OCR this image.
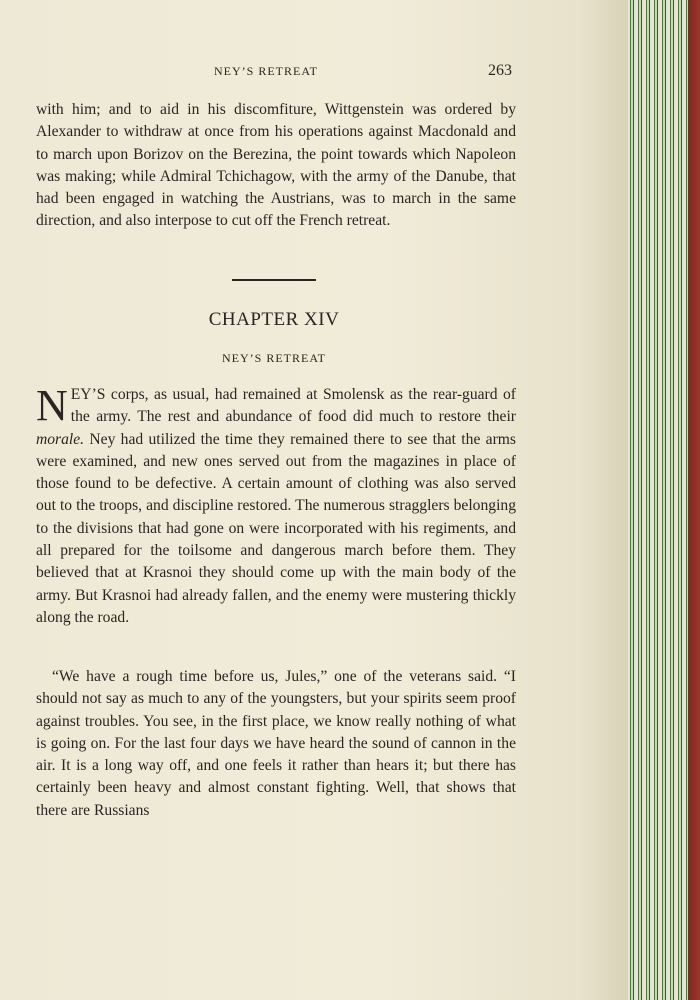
NEY’S RETREAT	263

with him; and to aid in his discomfiture, Wittgenstein was ordered by Alexander to withdraw at once from his operations against Macdonald and to march upon Borizov on the Berezina, the point towards which Napoleon was making; while Admiral Tchichagow, with the army of the Danube, that had been engaged in watching the Austrians, was to march in the same direction, and also interpose to cut off the French retreat.

CHAPTER XIV
NEY’S RETREAT

NEY’S corps, as usual, had remained at Smolensk as the rear-guard of the army. The rest and abundance of food did much to restore their morale. Ney had utilized the time they remained there to see that the arms were examined, and new ones served out from the magazines in place of those found to be defective. A certain amount of clothing was also served out to the troops, and discipline restored. The numerous stragglers belonging to the divisions that had gone on were incorporated with his regiments, and all prepared for the toilsome and dangerous march before them. They believed that at Krasnoi they should come up with the main body of the army. But Krasnoi had already fallen, and the enemy were mustering thickly along the road.

“We have a rough time before us, Jules,” one of the veterans said. “I should not say as much to any of the youngsters, but your spirits seem proof against troubles. You see, in the first place, we know really nothing of what is going on. For the last four days we have heard the sound of cannon in the air. It is a long way off, and one feels it rather than hears it; but there has certainly been heavy and almost constant fighting. Well, that shows that there are Russians
